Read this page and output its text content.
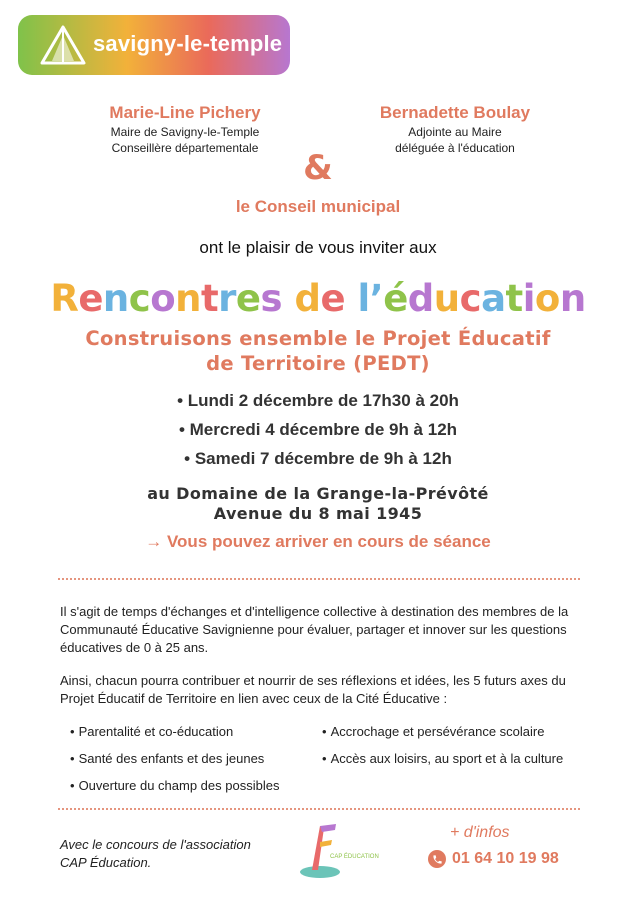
savigny-le-temple
Marie-Line Pichery
Maire de Savigny-le-Temple
Conseillère départementale
Bernadette Boulay
Adjointe au Maire
déléguée à l'éducation
&
le Conseil municipal
ont le plaisir de vous inviter aux
Rencontres de l’éducation
Construisons ensemble le Projet Éducatif
de Territoire (PEDT)
• Lundi 2 décembre de 17h30 à 20h
• Mercredi 4 décembre de 9h à 12h
• Samedi 7 décembre de 9h à 12h
au Domaine de la Grange-la-Prévôté
Avenue du 8 mai 1945
→ Vous pouvez arriver en cours de séance
Il s'agit de temps d'échanges et d'intelligence collective à destination des membres de la Communauté Éducative Savignienne pour évaluer, partager et innover sur les questions éducatives de 0 à 25 ans.
Ainsi, chacun pourra contribuer et nourrir de ses réflexions et idées, les 5 futurs axes du Projet Éducatif de Territoire en lien avec ceux de la Cité Éducative :
• Parentalité et co-éducation	• Accrochage et persévérance scolaire
• Santé des enfants et des jeunes	• Accès aux loisirs, au sport et à la culture
• Ouverture du champ des possibles
Avec le concours de l'association
CAP Éducation.	CAP ÉDUCATION
+ d'infos
01 64 10 19 98
